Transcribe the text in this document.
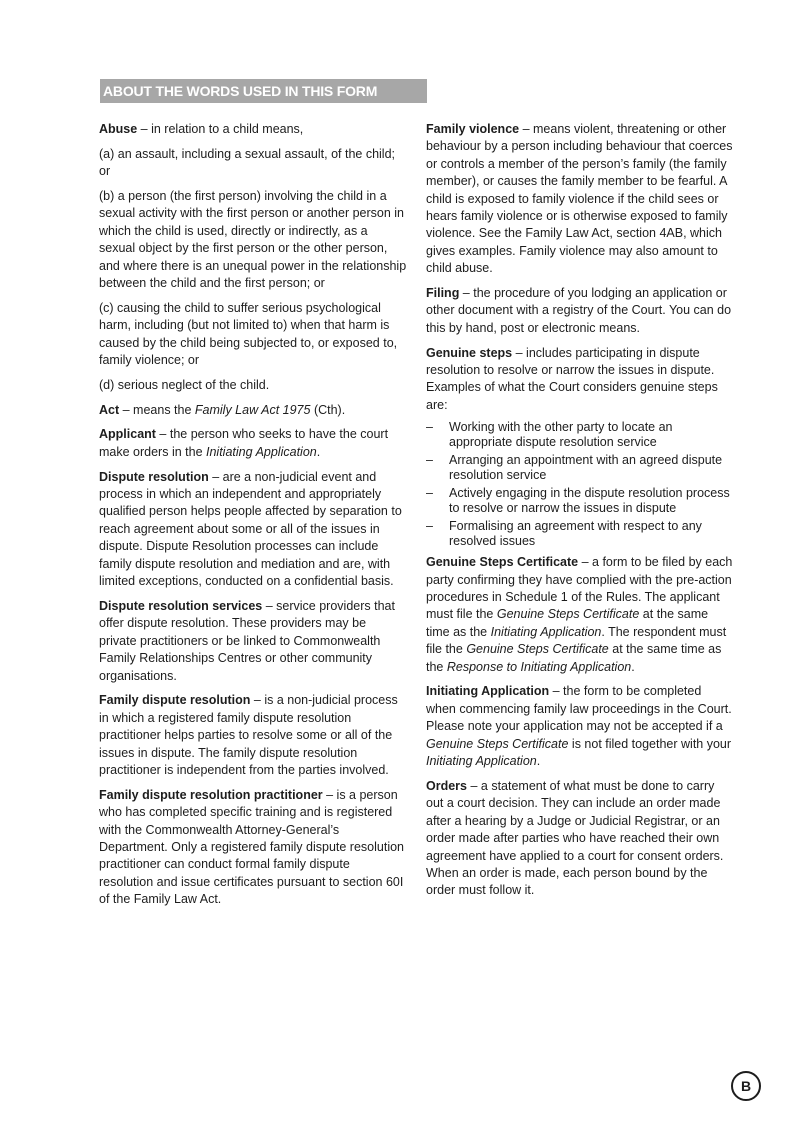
ABOUT THE WORDS USED IN THIS FORM

Abuse – in relation to a child means,

(a) an assault, including a sexual assault, of the child; or

(b) a person (the first person) involving the child in a sexual activity with the first person or another person in which the child is used, directly or indirectly, as a sexual object by the first person or the other person, and where there is an unequal power in the relationship between the child and the first person; or

(c) causing the child to suffer serious psychological harm, including (but not limited to) when that harm is caused by the child being subjected to, or exposed to, family violence; or

(d) serious neglect of the child.

Act – means the Family Law Act 1975 (Cth).

Applicant – the person who seeks to have the court make orders in the Initiating Application.

Dispute resolution – are a non-judicial event and process in which an independent and appropriately qualified person helps people affected by separation to reach agreement about some or all of the issues in dispute. Dispute Resolution processes can include family dispute resolution and mediation and are, with limited exceptions, conducted on a confidential basis.

Dispute resolution services – service providers that offer dispute resolution. These providers may be private practitioners or be linked to Commonwealth Family Relationships Centres or other community organisations.

Family dispute resolution – is a non-judicial process in which a registered family dispute resolution practitioner helps parties to resolve some or all of the issues in dispute. The family dispute resolution practitioner is independent from the parties involved.

Family dispute resolution practitioner – is a person who has completed specific training and is registered with the Commonwealth Attorney-General’s Department. Only a registered family dispute resolution practitioner can conduct formal family dispute resolution and issue certificates pursuant to section 60I of the Family Law Act.

Family violence – means violent, threatening or other behaviour by a person including behaviour that coerces or controls a member of the person’s family (the family member), or causes the family member to be fearful. A child is exposed to family violence if the child sees or hears family violence or is otherwise exposed to family violence. See the Family Law Act, section 4AB, which gives examples. Family violence may also amount to child abuse.

Filing – the procedure of you lodging an application or other document with a registry of the Court. You can do this by hand, post or electronic means.

Genuine steps – includes participating in dispute resolution to resolve or narrow the issues in dispute. Examples of what the Court considers genuine steps are:

– Working with the other party to locate an appropriate dispute resolution service
– Arranging an appointment with an agreed dispute resolution service
– Actively engaging in the dispute resolution process to resolve or narrow the issues in dispute
– Formalising an agreement with respect to any resolved issues

Genuine Steps Certificate – a form to be filed by each party confirming they have complied with the pre-action procedures in Schedule 1 of the Rules. The applicant must file the Genuine Steps Certificate at the same time as the Initiating Application. The respondent must file the Genuine Steps Certificate at the same time as the Response to Initiating Application.

Initiating Application – the form to be completed when commencing family law proceedings in the Court. Please note your application may not be accepted if a Genuine Steps Certificate is not filed together with your Initiating Application.

Orders – a statement of what must be done to carry out a court decision. They can include an order made after a hearing by a Judge or Judicial Registrar, or an order made after parties who have reached their own agreement have applied to a court for consent orders. When an order is made, each person bound by the order must follow it.

B
